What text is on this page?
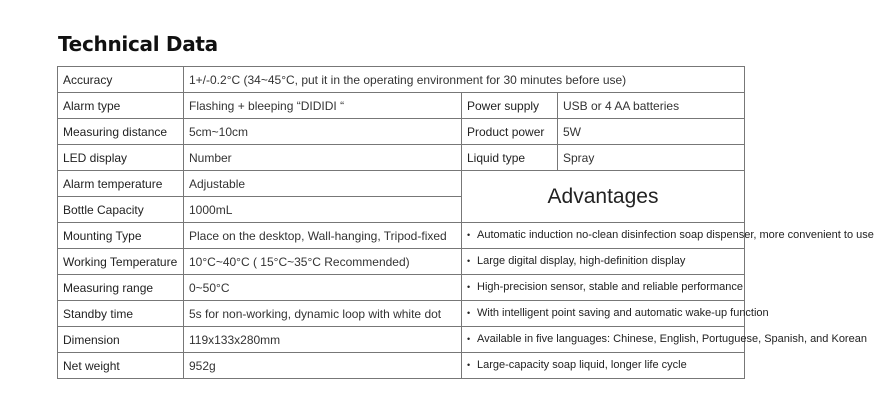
Technical Data
Accuracy	1+/-0.2°C (34~45°C, put it in the operating environment for 30 minutes before use)		
Alarm type	Flashing + bleeping “DIDIDI “	Power supply	USB or 4 AA batteries
Measuring distance	5cm~10cm	Product power	5W
LED display	Number	Liquid type	Spray
Alarm temperature	Adjustable	Advantages	
Bottle Capacity	1000mL		
Mounting Type	Place on the desktop, Wall-hanging, Tripod-fixed	• Automatic induction no-clean disinfection soap dispenser, more convenient to use	

Working Temperature	10°C~40°C ( 15°C~35°C Recommended)	• Large digital display, high-definition display	

Measuring range	0~50°C	• High-precision sensor, stable and reliable performance	

Standby time	5s for non-working, dynamic loop with white dot	• With intelligent point saving and automatic wake-up function	

Dimension	119x133x280mm	• Available in five languages: Chinese, English, Portuguese, Spanish, and Korean	

Net weight	952g	• Large-capacity soap liquid, longer life cycle	
